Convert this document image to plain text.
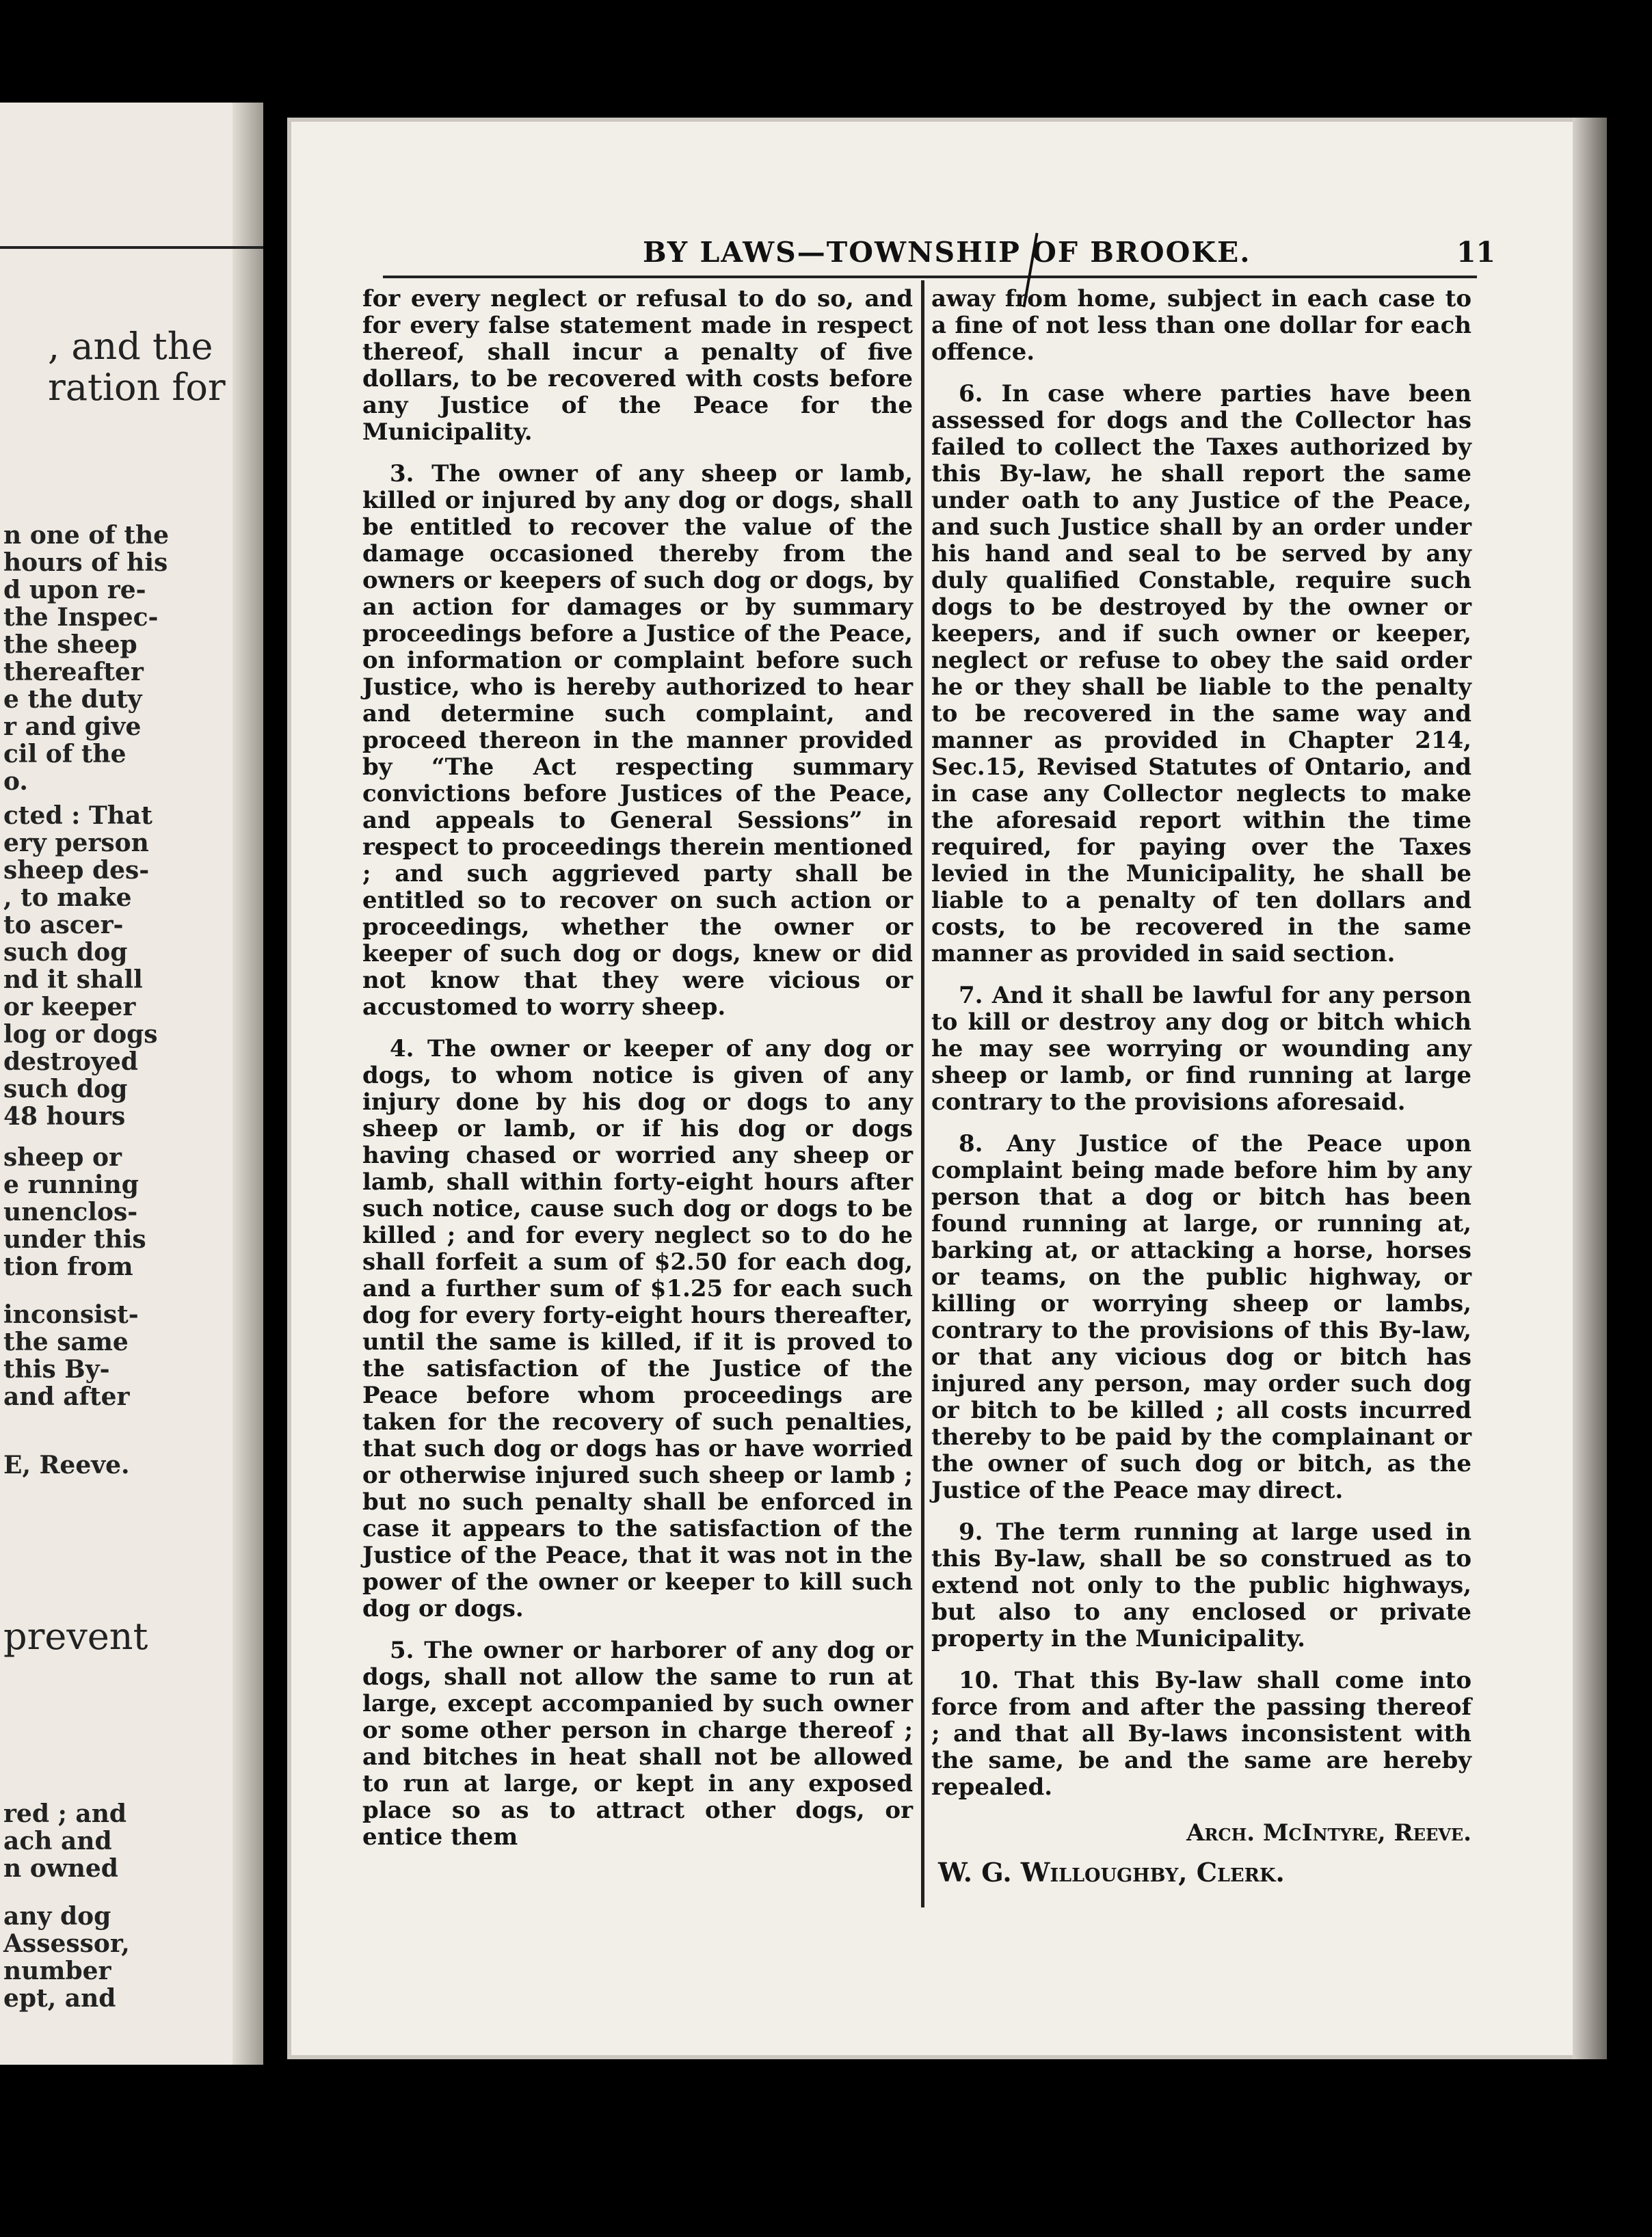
, and the
ration for
n one of the
hours of his
d upon re-
the Inspec-
the sheep
thereafter
e the duty
r and give
cil of the
o.
cted : That
ery person
sheep des-
, to make
to ascer-
such dog
nd it shall
or keeper
log or dogs
destroyed
such dog
48 hours
sheep or
e running
unenclos-
under this
tion from
inconsist-
the same
this By-
and after
E, Reeve.
prevent
red ; and
ach and
n owned
any dog
Assessor,
number
ept, and
BY LAWS—TOWNSHIP OF BROOKE.	11

for every neglect or refusal to do so, and for every false statement made in respect thereof, shall incur a penalty of five dollars, to be recovered with costs before any Justice of the Peace for the Municipality.

3. The owner of any sheep or lamb, killed or injured by any dog or dogs, shall be entitled to recover the value of the damage occasioned thereby from the owners or keepers of such dog or dogs, by an action for damages or by summary proceedings before a Justice of the Peace, on information or complaint before such Justice, who is hereby authorized to hear and determine such complaint, and proceed thereon in the manner provided by “The Act respecting summary convictions before Justices of the Peace, and appeals to General Sessions” in respect to proceedings therein mentioned ; and such aggrieved party shall be entitled so to recover on such action or proceedings, whether the owner or keeper of such dog or dogs, knew or did not know that they were vicious or accustomed to worry sheep.

4. The owner or keeper of any dog or dogs, to whom notice is given of any injury done by his dog or dogs to any sheep or lamb, or if his dog or dogs having chased or worried any sheep or lamb, shall within forty-eight hours after such notice, cause such dog or dogs to be killed ; and for every neglect so to do he shall forfeit a sum of $2.50 for each dog, and a further sum of $1.25 for each such dog for every forty-eight hours thereafter, until the same is killed, if it is proved to the satisfaction of the Justice of the Peace before whom proceedings are taken for the recovery of such penalties, that such dog or dogs has or have worried or otherwise injured such sheep or lamb ; but no such penalty shall be enforced in case it appears to the satisfaction of the Justice of the Peace, that it was not in the power of the owner or keeper to kill such dog or dogs.

5. The owner or harborer of any dog or dogs, shall not allow the same to run at large, except accompanied by such owner or some other person in charge thereof ; and bitches in heat shall not be allowed to run at large, or kept in any exposed place so as to attract other dogs, or entice them

away from home, subject in each case to a fine of not less than one dollar for each offence.

6. In case where parties have been assessed for dogs and the Collector has failed to collect the Taxes authorized by this By-law, he shall report the same under oath to any Justice of the Peace, and such Justice shall by an order under his hand and seal to be served by any duly qualified Constable, require such dogs to be destroyed by the owner or keepers, and if such owner or keeper, neglect or refuse to obey the said order he or they shall be liable to the penalty to be recovered in the same way and manner as provided in Chapter 214, Sec.15, Revised Statutes of Ontario, and in case any Collector neglects to make the aforesaid report within the time required, for paying over the Taxes levied in the Municipality, he shall be liable to a penalty of ten dollars and costs, to be recovered in the same manner as provided in said section.

7. And it shall be lawful for any person to kill or destroy any dog or bitch which he may see worrying or wounding any sheep or lamb, or find running at large contrary to the provisions aforesaid.

8. Any Justice of the Peace upon complaint being made before him by any person that a dog or bitch has been found running at large, or running at, barking at, or attacking a horse, horses or teams, on the public highway, or killing or worrying sheep or lambs, contrary to the provisions of this By-law, or that any vicious dog or bitch has injured any person, may order such dog or bitch to be killed ; all costs incurred thereby to be paid by the complainant or the owner of such dog or bitch, as the Justice of the Peace may direct.

9. The term running at large used in this By-law, shall be so construed as to extend not only to the public highways, but also to any enclosed or private property in the Municipality.

10. That this By-law shall come into force from and after the passing thereof ; and that all By-laws inconsistent with the same, be and the same are hereby repealed.

Arch. McIntyre, Reeve.

W. G. Willoughby, Clerk.
